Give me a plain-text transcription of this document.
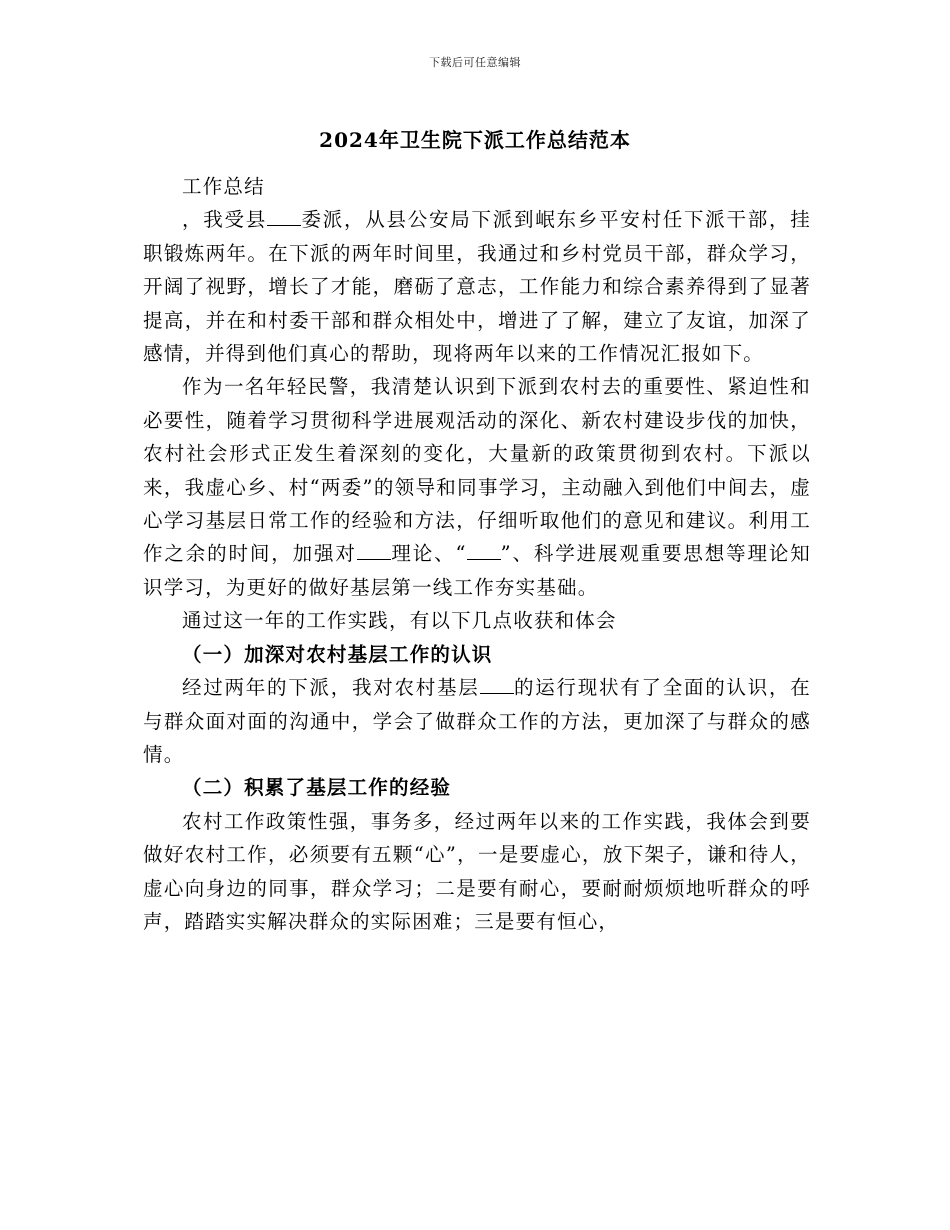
下载后可任意编辑
2024年卫生院下派工作总结范本

工作总结

，我受县 委派，从县公安局下派到岷东乡平安村任下派干部，挂职锻炼两年。在下派的两年时间里，我通过和乡村党员干部，群众学习，开阔了视野，增长了才能，磨砺了意志，工作能力和综合素养得到了显著提高，并在和村委干部和群众相处中，增进了了解，建立了友谊，加深了感情，并得到他们真心的帮助，现将两年以来的工作情况汇报如下。

作为一名年轻民警，我清楚认识到下派到农村去的重要性、紧迫性和必要性，随着学习贯彻科学进展观活动的深化、新农村建设步伐的加快，农村社会形式正发生着深刻的变化，大量新的政策贯彻到农村。下派以来，我虚心乡、村“两委”的领导和同事学习，主动融入到他们中间去，虚心学习基层日常工作的经验和方法，仔细听取他们的意见和建议。利用工作之余的时间，加强对 理论、“ ”、科学进展观重要思想等理论知识学习，为更好的做好基层第一线工作夯实基础。

通过这一年的工作实践，有以下几点收获和体会

（一）加深对农村基层工作的认识

经过两年的下派，我对农村基层 的运行现状有了全面的认识，在与群众面对面的沟通中，学会了做群众工作的方法，更加深了与群众的感情。

（二）积累了基层工作的经验

农村工作政策性强，事务多，经过两年以来的工作实践，我体会到要做好农村工作，必须要有五颗“心”，一是要虚心，放下架子，谦和待人，虚心向身边的同事，群众学习；二是要有耐心，要耐耐烦烦地听群众的呼声，踏踏实实解决群众的实际困难；三是要有恒心，
